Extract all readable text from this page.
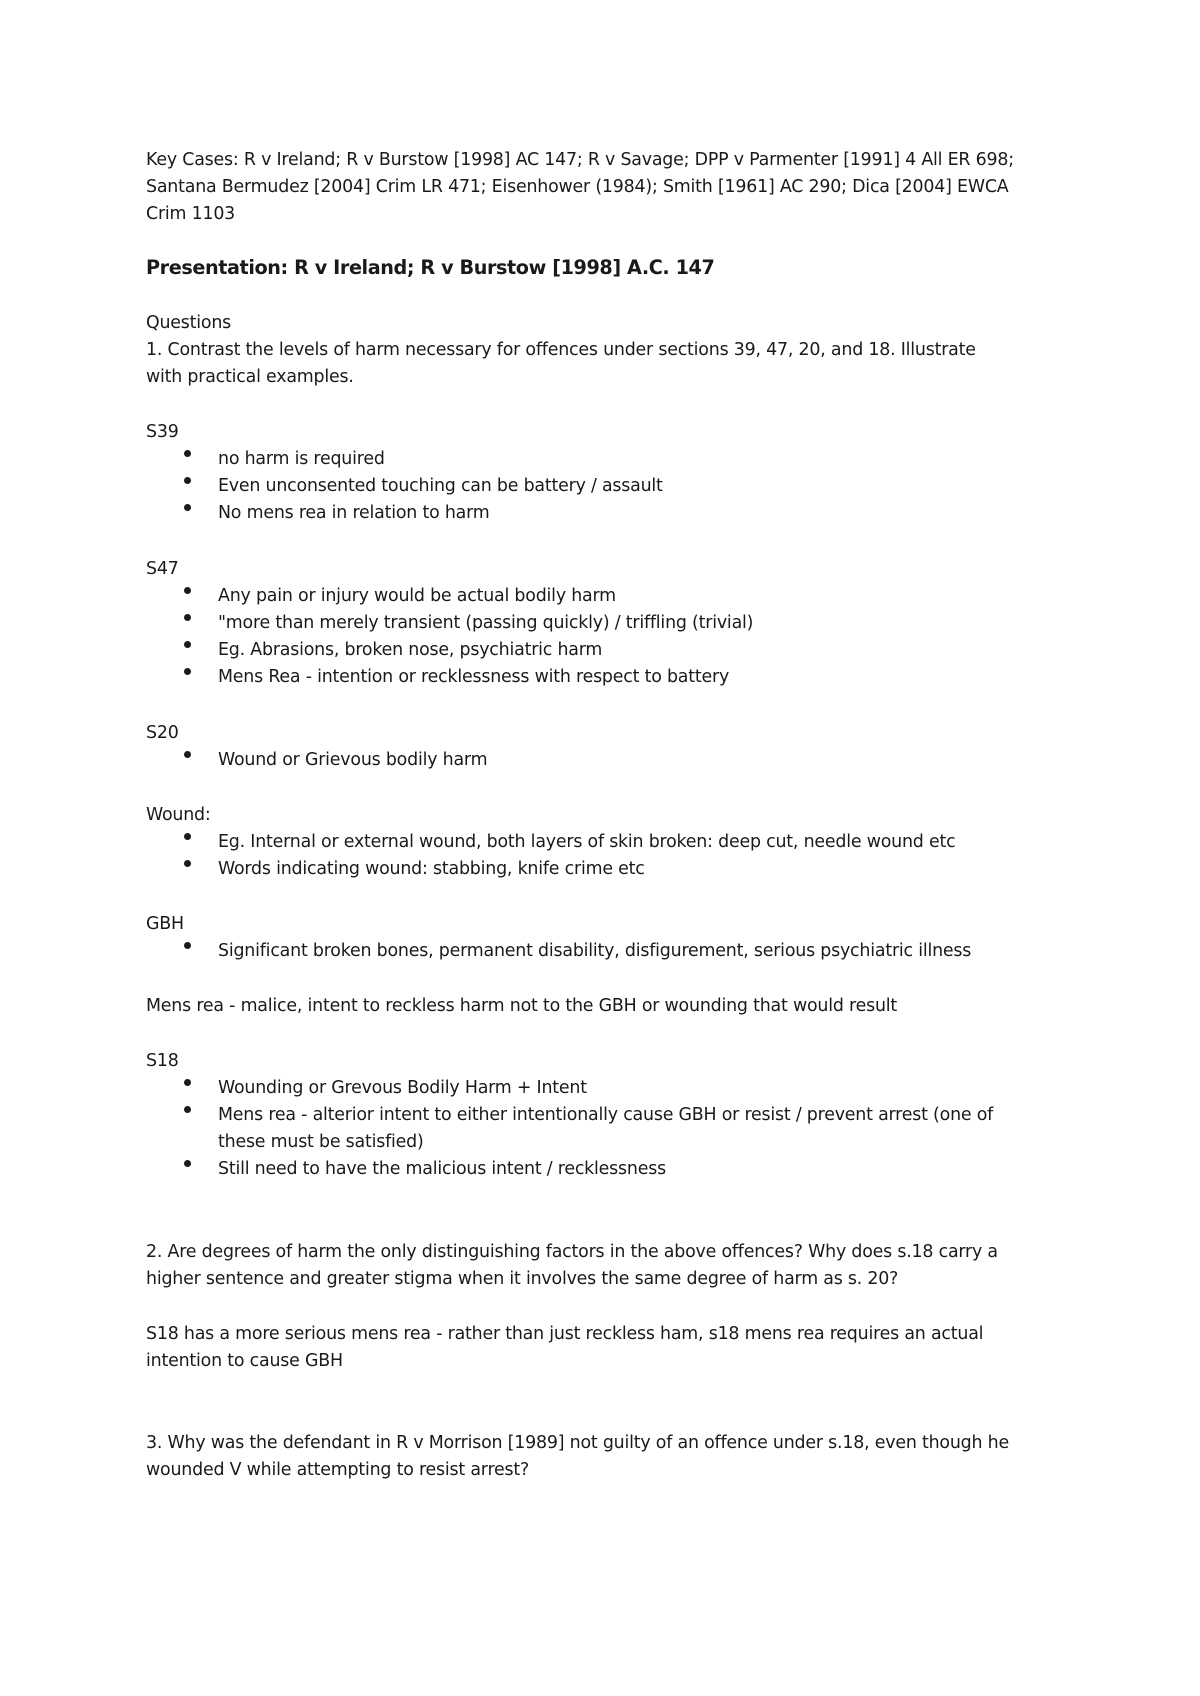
Key Cases: R v Ireland; R v Burstow [1998] AC 147; R v Savage; DPP v Parmenter [1991] 4 All ER 698;
Santana Bermudez [2004] Crim LR 471; Eisenhower (1984); Smith [1961] AC 290; Dica [2004] EWCA
Crim 1103
Presentation: R v Ireland; R v Burstow [1998] A.C. 147
Questions
1. Contrast the levels of harm necessary for offences under sections 39, 47, 20, and 18. Illustrate
with practical examples.
S39
no harm is required
Even unconsented touching can be battery / assault
No mens rea in relation to harm
S47
Any pain or injury would be actual bodily harm
"more than merely transient (passing quickly) / triffling (trivial)
Eg. Abrasions, broken nose, psychiatric harm
Mens Rea - intention or recklessness with respect to battery
S20
Wound or Grievous bodily harm
Wound:
Eg. Internal or external wound, both layers of skin broken: deep cut, needle wound etc
Words indicating wound: stabbing, knife crime etc
GBH
Significant broken bones, permanent disability, disfigurement, serious psychiatric illness
Mens rea - malice, intent to reckless harm not to the GBH or wounding that would result
S18
Wounding or Grevous Bodily Harm + Intent
Mens rea - alterior intent to either intentionally cause GBH or resist / prevent arrest (one of
these must be satisfied)
Still need to have the malicious intent / recklessness
2. Are degrees of harm the only distinguishing factors in the above offences? Why does s.18 carry a
higher sentence and greater stigma when it involves the same degree of harm as s. 20?
S18 has a more serious mens rea - rather than just reckless ham, s18 mens rea requires an actual
intention to cause GBH
3. Why was the defendant in R v Morrison [1989] not guilty of an offence under s.18, even though he
wounded V while attempting to resist arrest?
